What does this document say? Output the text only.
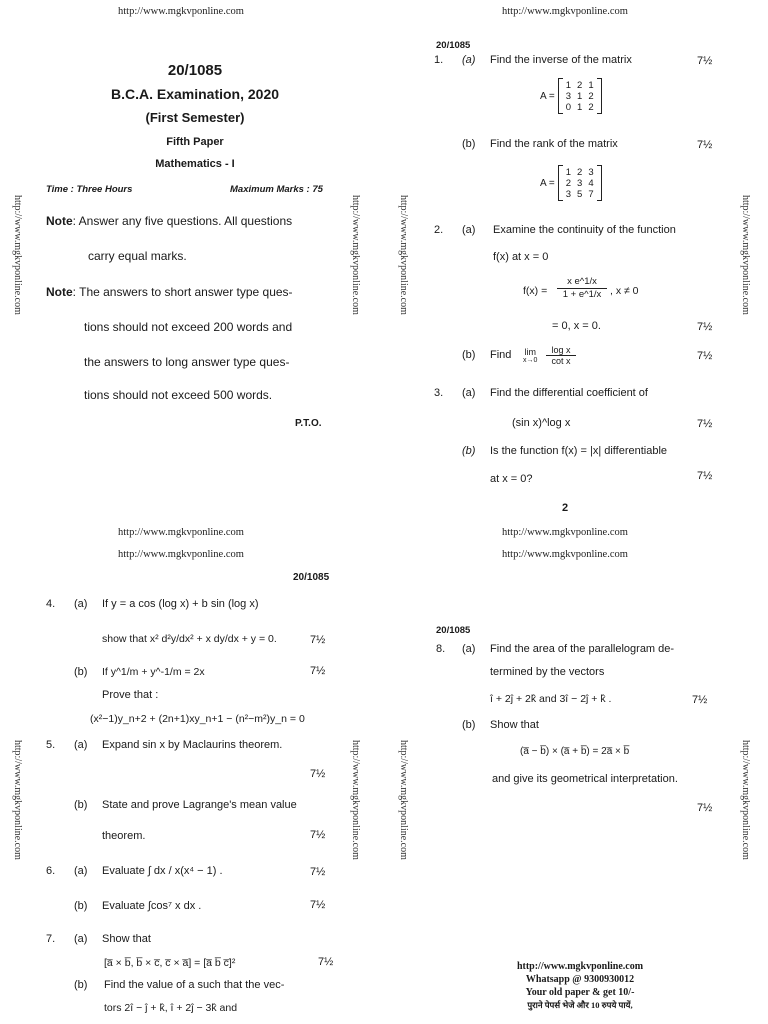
http://www.mgkvponline.com	http://www.mgkvponline.com
http://www.mgkvponline.com	http://www.mgkvponline.com	http://www.mgkvponline.com	http://www.mgkvponline.com
http://www.mgkvponline.com	http://www.mgkvponline.com	http://www.mgkvponline.com	http://www.mgkvponline.com
20/1085
B.C.A. Examination, 2020
(First Semester)
Fifth Paper
Mathematics - I
Time : Three Hours	Maximum Marks : 75
Note: Answer any five questions. All questions
carry equal marks.
Note: The answers to short answer type ques-
tions should not exceed 200 words and
the answers to long answer type ques-
tions should not exceed 500 words.
P.T.O.
20/1085
1. (a) Find the inverse of the matrix	7½
A =
1	2	1
3	1	2
0	1	2
(b) Find the rank of the matrix	7½
A =
1	2	3
2	3	4
3	5	7
2. (a) Examine the continuity of the function
f(x) at x = 0
$f(x) = \frac{\text{x e\textasciicircum{}1/x}}{1 + e\^{}1/x}$ , x ≠ 0
= 0, x = 0.	7½
(b) Find lim
$x\to 0 \frac{\text{log x}}{\text{cot x}}$	7½
3. (a) Find the differential coefficient of
(sin x)^log x	7½
(b) Is the function f(x) = |x| differentiable
at x = 0?	7½
2
http://www.mgkvponline.com
http://www.mgkvponline.com
http://www.mgkvponline.com
http://www.mgkvponline.com
20/1085
4. (a) If y = a cos (log x) + b sin (log x)
show that x² d²y/dx² + x dy/dx + y = 0.	7½
(b) If y^1/m + y^-1/m = 2x	7½
Prove that :
(x²−1)y_n+2 + (2n+1)xy_n+1 − (n²−m²)y_n = 0
5. (a) Expand sin x by Maclaurins theorem.
7½
(b) State and prove Lagrange's mean value
theorem.	7½
6. (a) Evaluate ∫ dx / x(x⁴ − 1) .	7½
(b) Evaluate ∫cos⁷ x dx .	7½
7. (a) Show that
[a̅ × b̅, b̅ × c̅, c̅ × a̅] = [a̅ b̅ c̅]²	7½
(b) Find the value of a such that the vec-
tors 2î − ĵ + k̂, î + 2ĵ − 3k̂ and
20/1085
8. (a) Find the area of the parallelogram de-
termined by the vectors
î + 2ĵ + 2k̂ and 3î − 2ĵ + k̂ .	7½
(b) Show that
(a̅ − b̅) × (a̅ + b̅) = 2a̅ × b̅
and give its geometrical interpretation.
7½
http://www.mgkvponline.com
Whatsapp @ 9300930012
Your old paper & get 10/-
पुराने पेपर्स भेजे और 10 रुपये पायें,
